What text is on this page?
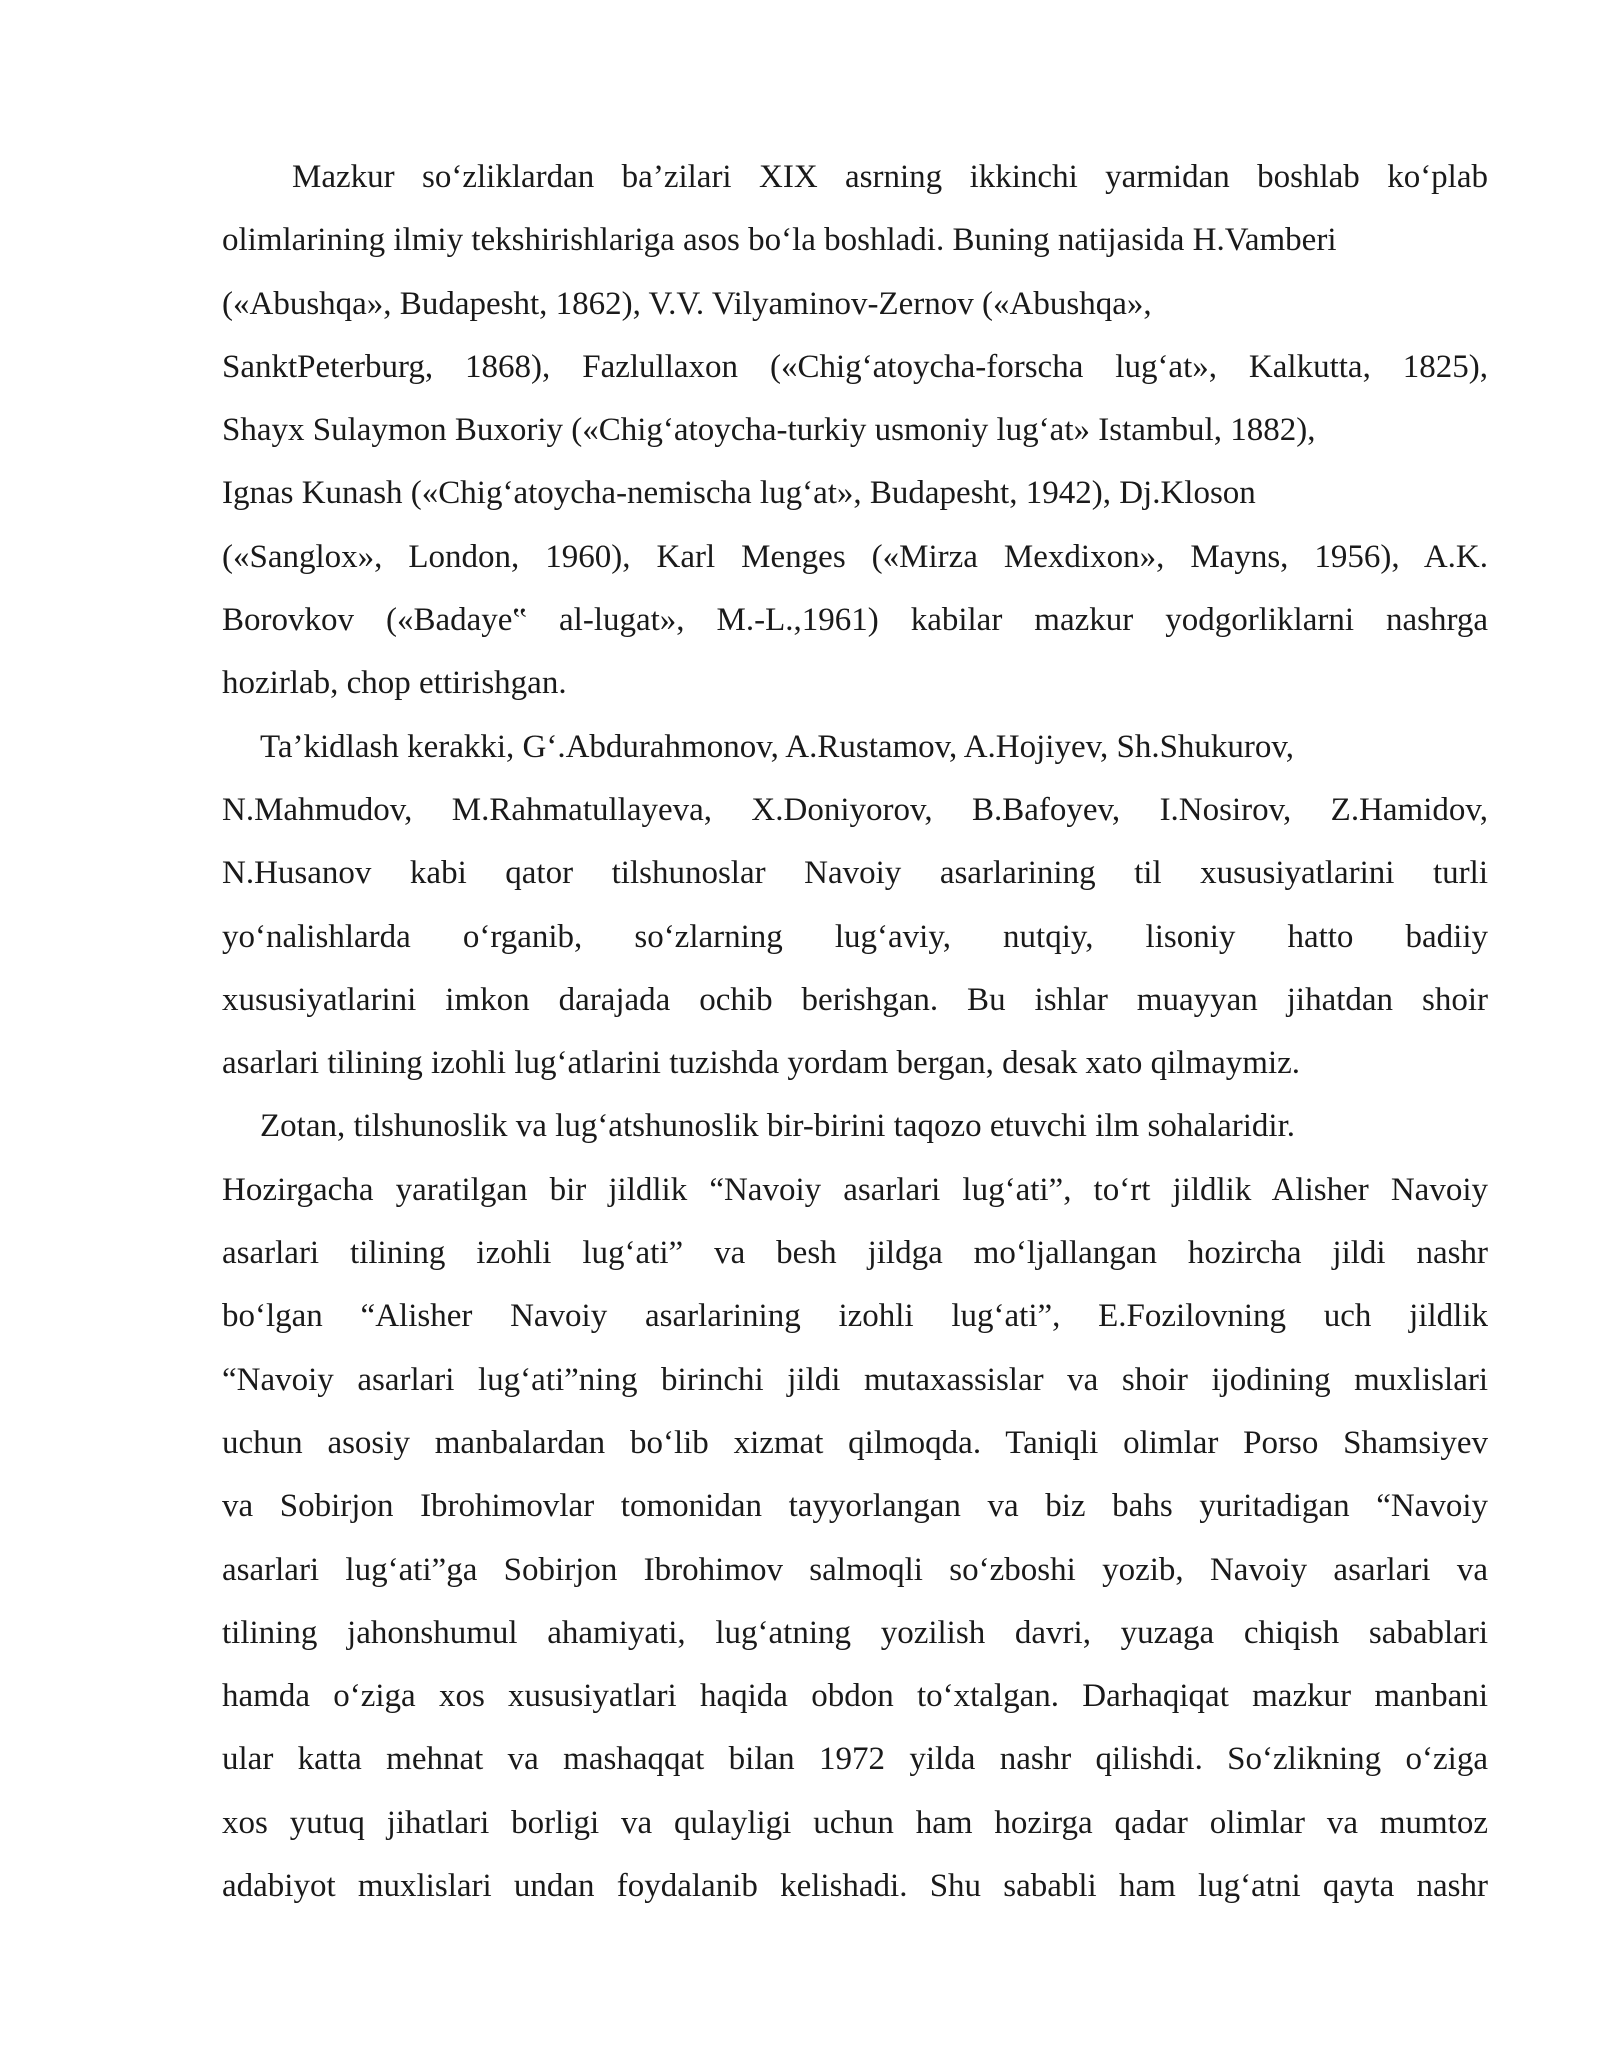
Mazkur so‘zliklardan ba’zilari XIX asrning ikkinchi yarmidan boshlab ko‘plab
olimlarining ilmiy tekshirishlariga asos bo‘la boshladi. Buning natijasida H.Vamberi
(«Abushqa», Budapesht, 1862), V.V. Vilyaminov-Zernov («Abushqa»,
SanktPeterburg, 1868), Fazlullaxon («Chig‘atoycha-forscha lug‘at», Kalkutta, 1825),
Shayx Sulaymon Buxoriy («Chig‘atoycha-turkiy usmoniy lug‘at» Istambul, 1882),
Ignas Kunash («Chig‘atoycha-nemischa lug‘at», Budapesht, 1942), Dj.Kloson
(«Sanglox», London, 1960), Karl Menges («Mirza Mexdixon», Mayns, 1956), A.K.
Borovkov («Badaye‟ al-lugat», M.-L.,1961) kabilar mazkur yodgorliklarni nashrga
hozirlab, chop ettirishgan.
Ta’kidlash kerakki, G‘.Abdurahmonov, A.Rustamov, A.Hojiyev, Sh.Shukurov,
N.Mahmudov, M.Rahmatullayeva, X.Doniyorov, B.Bafoyev, I.Nosirov, Z.Hamidov,
N.Husanov kabi qator tilshunoslar Navoiy asarlarining til xususiyatlarini turli
yo‘nalishlarda o‘rganib, so‘zlarning lug‘aviy, nutqiy, lisoniy hatto badiiy
xususiyatlarini imkon darajada ochib berishgan. Bu ishlar muayyan jihatdan shoir
asarlari tilining izohli lug‘atlarini tuzishda yordam bergan, desak xato qilmaymiz.
Zotan, tilshunoslik va lug‘atshunoslik bir-birini taqozo etuvchi ilm sohalaridir.
Hozirgacha yaratilgan bir jildlik “Navoiy asarlari lug‘ati”, to‘rt jildlik Alisher Navoiy
asarlari tilining izohli lug‘ati” va besh jildga mo‘ljallangan hozircha jildi nashr
bo‘lgan “Alisher Navoiy asarlarining izohli lug‘ati”, E.Fozilovning uch jildlik
“Navoiy asarlari lug‘ati”ning birinchi jildi mutaxassislar va shoir ijodining muxlislari
uchun asosiy manbalardan bo‘lib xizmat qilmoqda. Taniqli olimlar Porso Shamsiyev
va Sobirjon Ibrohimovlar tomonidan tayyorlangan va biz bahs yuritadigan “Navoiy
asarlari lug‘ati”ga Sobirjon Ibrohimov salmoqli so‘zboshi yozib, Navoiy asarlari va
tilining jahonshumul ahamiyati, lug‘atning yozilish davri, yuzaga chiqish sabablari
hamda o‘ziga xos xususiyatlari haqida obdon to‘xtalgan. Darhaqiqat mazkur manbani
ular katta mehnat va mashaqqat bilan 1972 yilda nashr qilishdi. So‘zlikning o‘ziga
xos yutuq jihatlari borligi va qulayligi uchun ham hozirga qadar olimlar va mumtoz
adabiyot muxlislari undan foydalanib kelishadi. Shu sababli ham lug‘atni qayta nashr
